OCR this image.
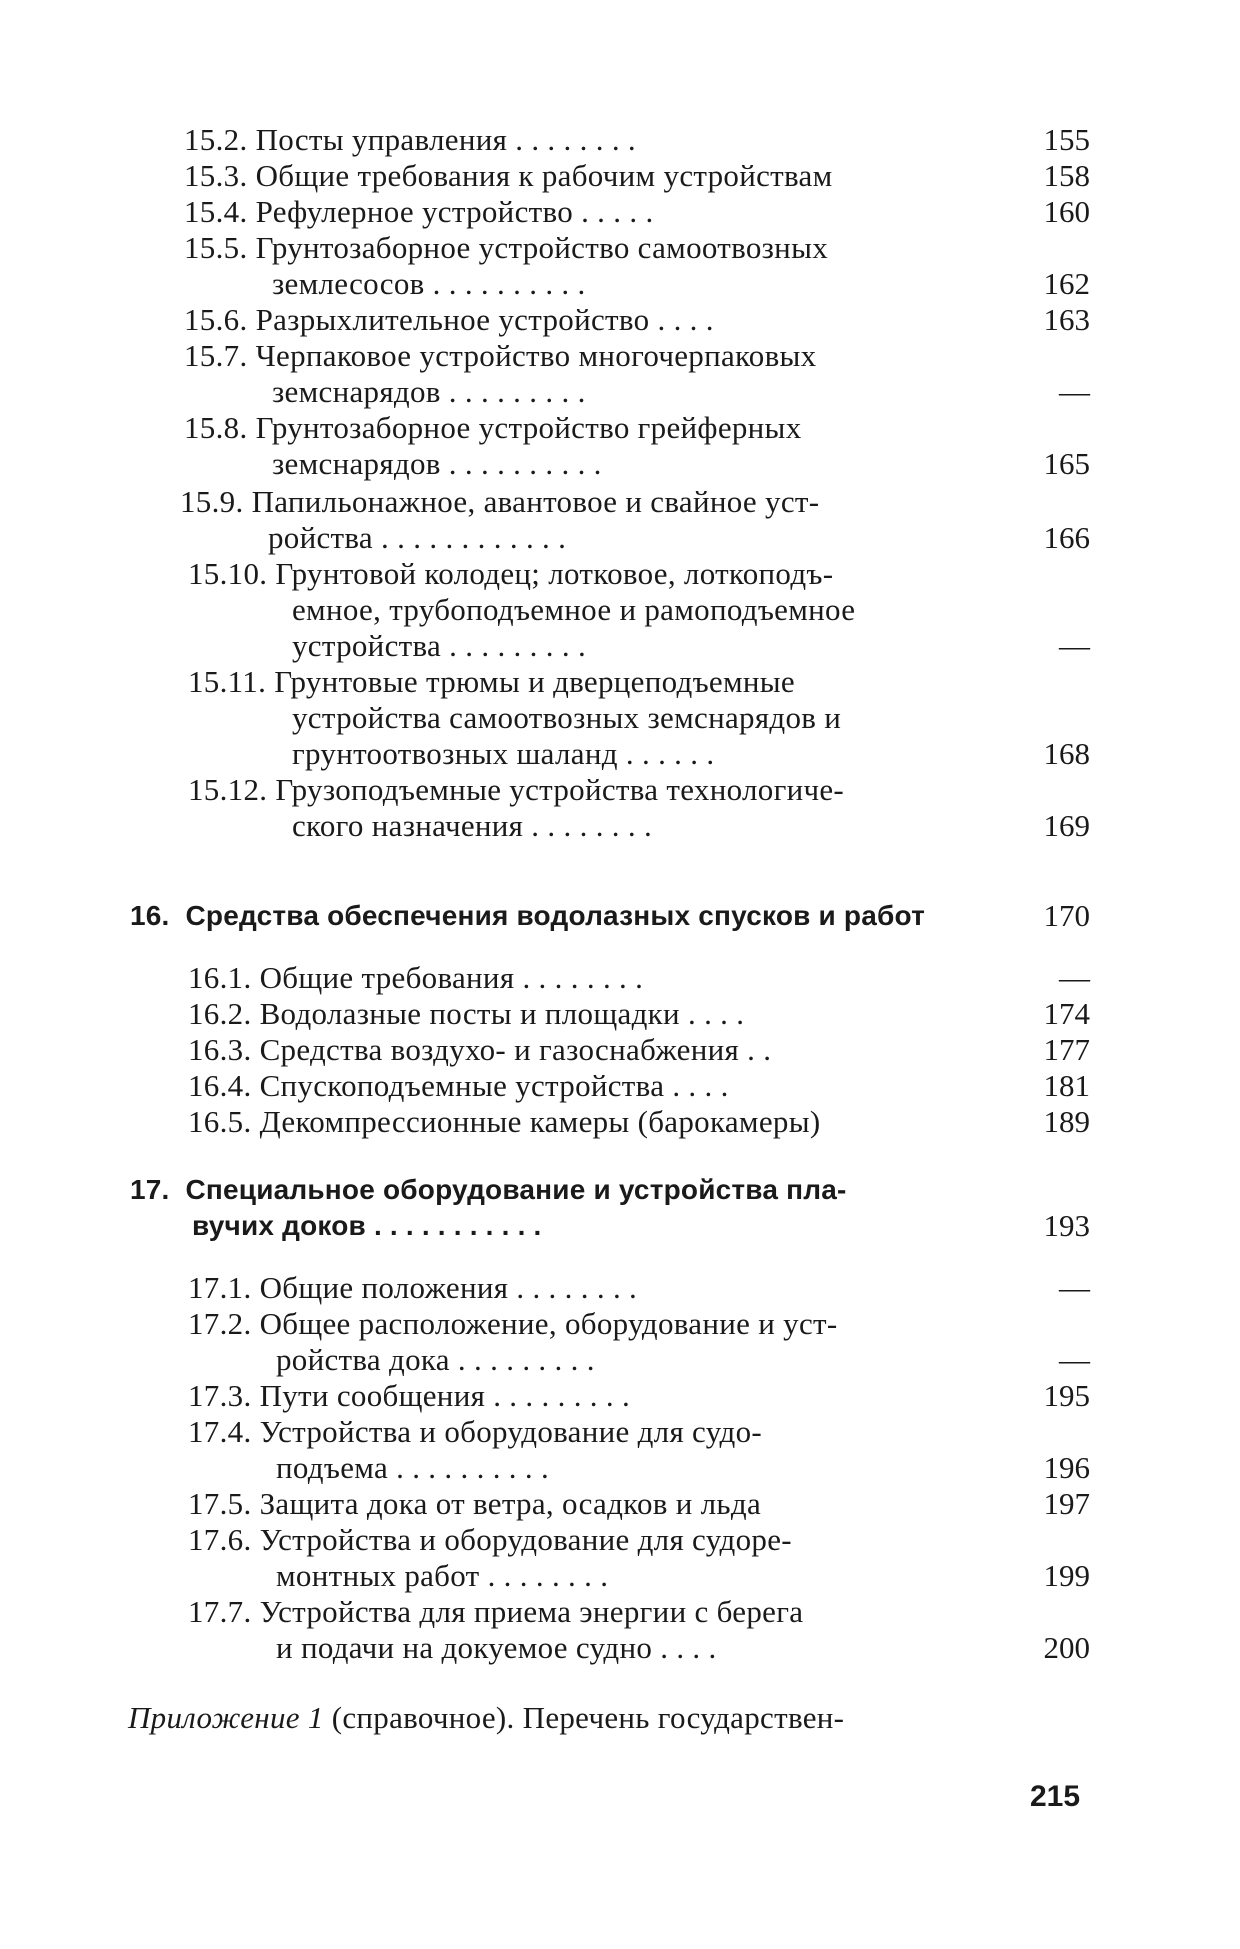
15.2. Посты управления . . . . . . . .	155
15.3. Общие требования к рабочим устройствам	158
15.4. Рефулерное устройство . . . . .	160
15.5. Грунтозаборное устройство самоотвозных
землесосов . . . . . . . . . .	162
15.6. Разрыхлительное устройство . . . .	163
15.7. Черпаковое устройство многочерпаковых
земснарядов . . . . . . . . .	—
15.8. Грунтозаборное устройство грейферных
земснарядов . . . . . . . . . .	165
15.9. Папильонажное, авантовое и свайное уст-
ройства . . . . . . . . . . . .	166
15.10. Грунтовой колодец; лотковое, лоткоподъ-
емное, трубоподъемное и рамоподъемное
устройства . . . . . . . . .	—
15.11. Грунтовые трюмы и дверцеподъемные
устройства самоотвозных земснарядов и
грунтоотвозных шаланд . . . . . .	168
15.12. Грузоподъемные устройства технологиче-
ского назначения . . . . . . . .	169
16. Средства обеспечения водолазных спусков и работ	170
16.1. Общие требования . . . . . . . .	—
16.2. Водолазные посты и площадки . . . .	174
16.3. Средства воздухо- и газоснабжения . .	177
16.4. Спускоподъемные устройства . . . .	181
16.5. Декомпрессионные камеры (барокамеры)	189
17. Специальное оборудование и устройства пла-
вучих доков . . . . . . . . . . .	193
17.1. Общие положения . . . . . . . .	—
17.2. Общее расположение, оборудование и уст-
ройства дока . . . . . . . . .	—
17.3. Пути сообщения . . . . . . . . .	195
17.4. Устройства и оборудование для судо-
подъема . . . . . . . . . .	196
17.5. Защита дока от ветра, осадков и льда	197
17.6. Устройства и оборудование для судоре-
монтных работ . . . . . . . .	199
17.7. Устройства для приема энергии с берега
и подачи на докуемое судно . . . .	200
Приложение 1 (справочное). Перечень государствен-
215
